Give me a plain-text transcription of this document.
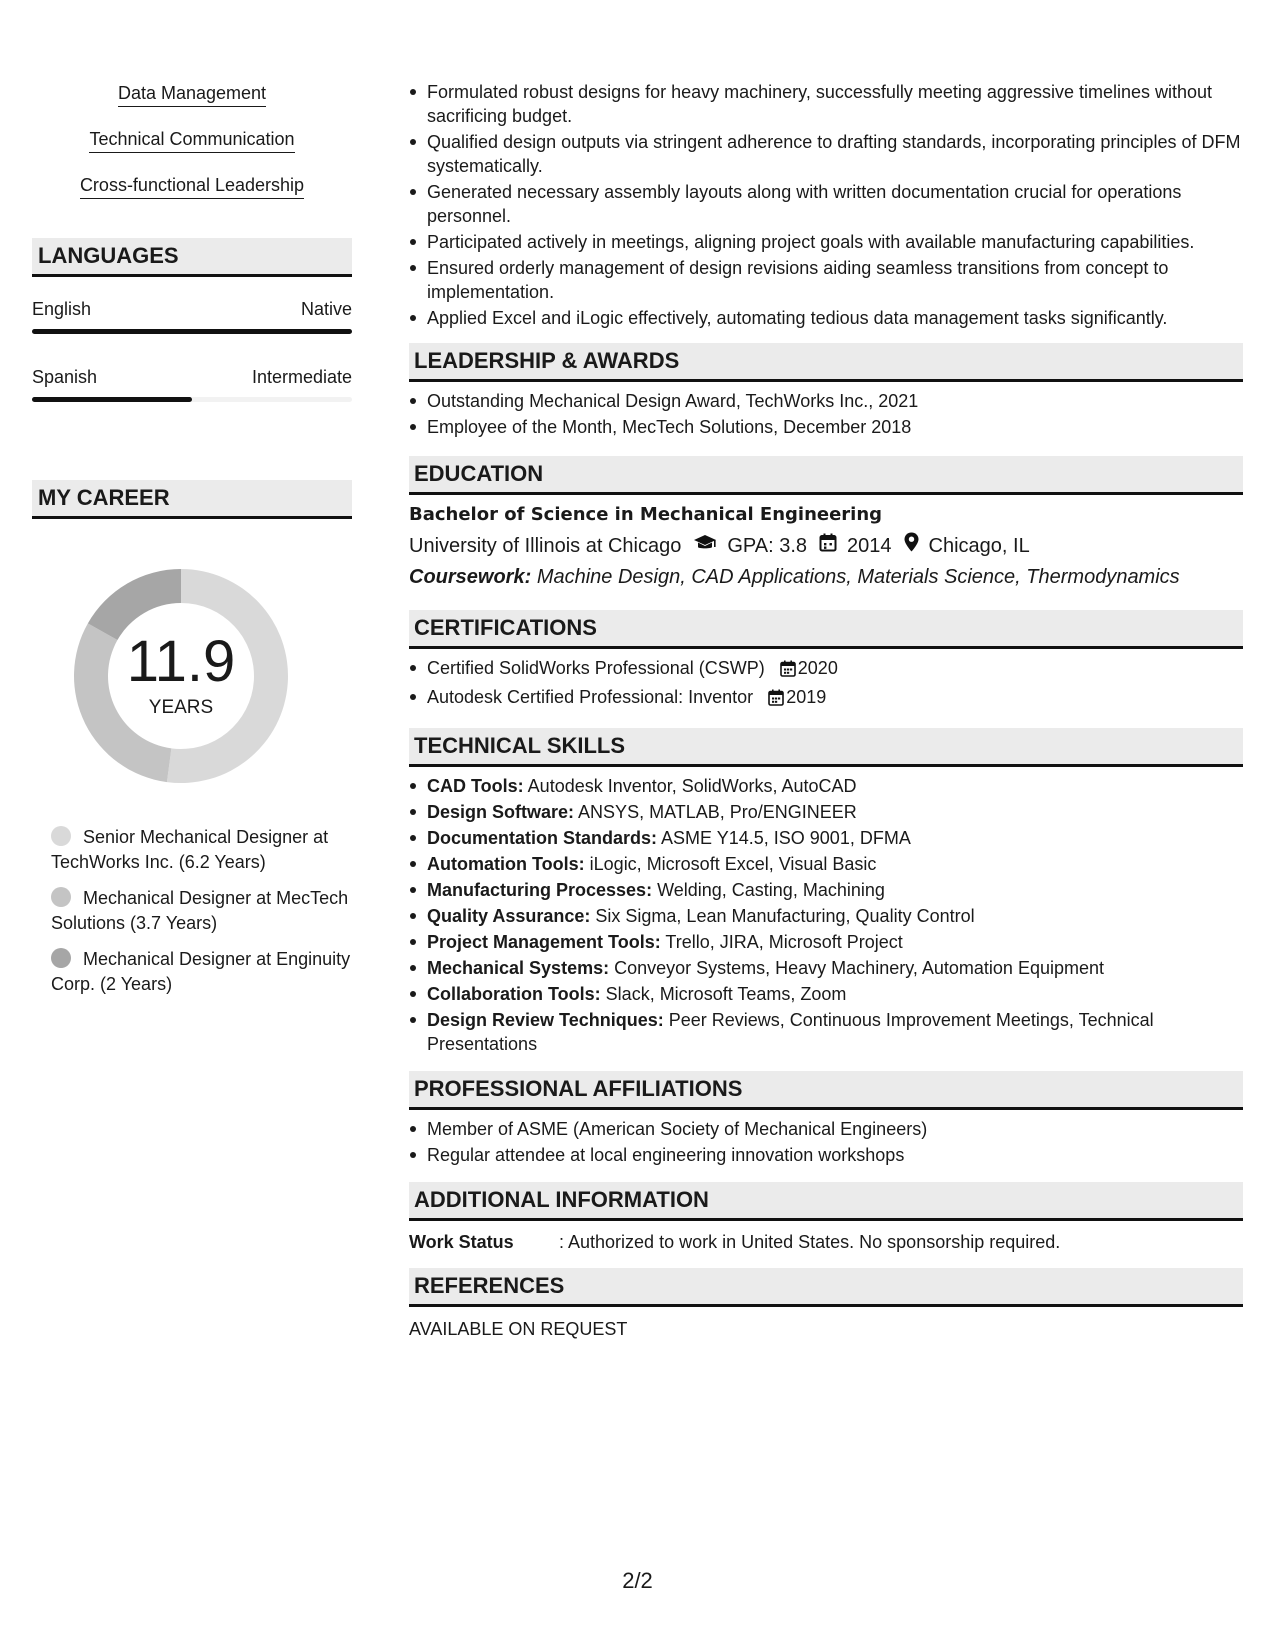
Data Management
Technical Communication
Cross-functional Leadership
LANGUAGES
English	Native
Spanish	Intermediate
MY CAREER
11.9
YEARS
Senior Mechanical Designer at TechWorks Inc. (6.2 Years)
Mechanical Designer at MecTech Solutions (3.7 Years)
Mechanical Designer at Enginuity Corp. (2 Years)
Formulated robust designs for heavy machinery, successfully meeting aggressive timelines without sacrificing budget.
Qualified design outputs via stringent adherence to drafting standards, incorporating principles of DFM systematically.
Generated necessary assembly layouts along with written documentation crucial for operations personnel.
Participated actively in meetings, aligning project goals with available manufacturing capabilities.
Ensured orderly management of design revisions aiding seamless transitions from concept to implementation.
Applied Excel and iLogic effectively, automating tedious data management tasks significantly.
LEADERSHIP & AWARDS
Outstanding Mechanical Design Award, TechWorks Inc., 2021
Employee of the Month, MecTech Solutions, December 2018
EDUCATION
Bachelor of Science in Mechanical Engineering
University of Illinois at Chicago GPA: 3.8 2014 Chicago, IL
Coursework: Machine Design, CAD Applications, Materials Science, Thermodynamics
CERTIFICATIONS
Certified SolidWorks Professional (CSWP) 2020
Autodesk Certified Professional: Inventor 2019
TECHNICAL SKILLS
CAD Tools: Autodesk Inventor, SolidWorks, AutoCAD
Design Software: ANSYS, MATLAB, Pro/ENGINEER
Documentation Standards: ASME Y14.5, ISO 9001, DFMA
Automation Tools: iLogic, Microsoft Excel, Visual Basic
Manufacturing Processes: Welding, Casting, Machining
Quality Assurance: Six Sigma, Lean Manufacturing, Quality Control
Project Management Tools: Trello, JIRA, Microsoft Project
Mechanical Systems: Conveyor Systems, Heavy Machinery, Automation Equipment
Collaboration Tools: Slack, Microsoft Teams, Zoom
Design Review Techniques: Peer Reviews, Continuous Improvement Meetings, Technical Presentations
PROFESSIONAL AFFILIATIONS
Member of ASME (American Society of Mechanical Engineers)
Regular attendee at local engineering innovation workshops
ADDITIONAL INFORMATION
Work Status	: Authorized to work in United States. No sponsorship required.
REFERENCES
AVAILABLE ON REQUEST
2/2
